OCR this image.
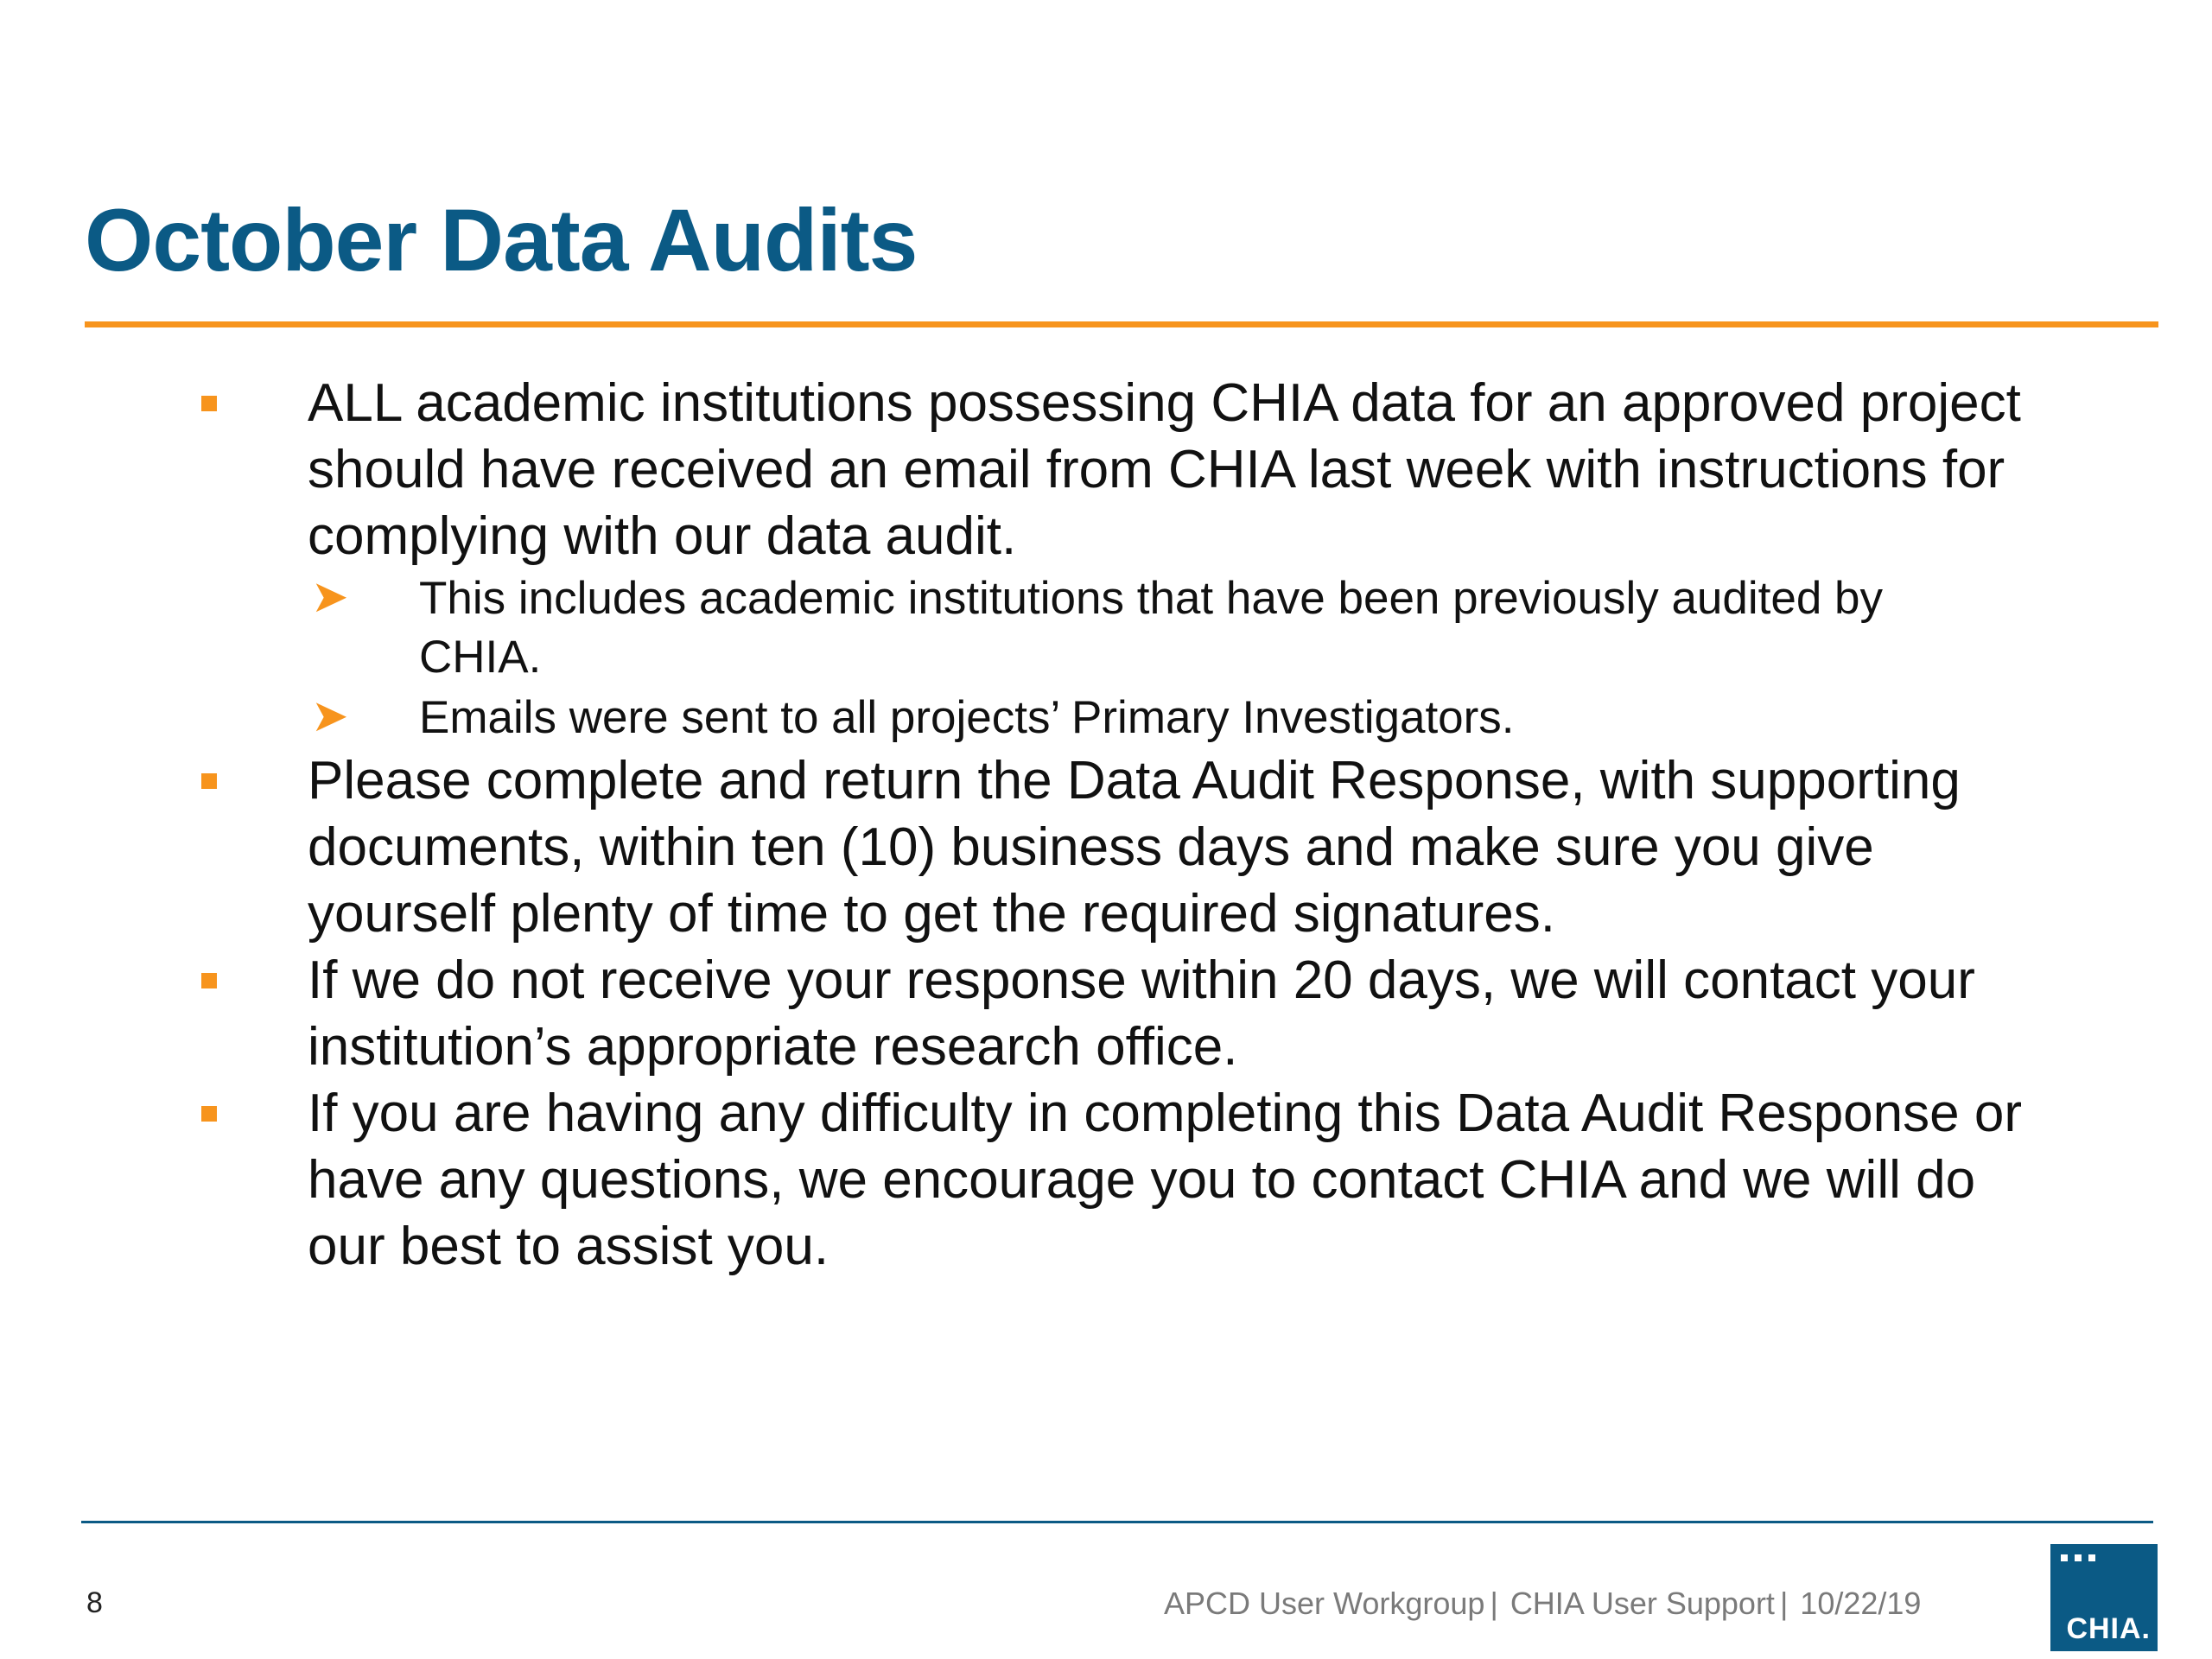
October Data Audits

ALL academic institutions possessing CHIA data for an approved project should have received an email from CHIA last week with instructions for complying with our data audit.

➤ This includes academic institutions that have been previously audited by CHIA.

➤ Emails were sent to all projects’ Primary Investigators.

Please complete and return the Data Audit Response, with supporting documents, within ten (10) business days and make sure you give yourself plenty of time to get the required signatures.

If we do not receive your response within 20 days, we will contact your institution’s appropriate research office.

If you are having any difficulty in completing this Data Audit Response or have any questions, we encourage you to contact CHIA and we will do our best to assist you.

8	APCD User Workgroup | CHIA User Support | 10/22/19
CHIA.
